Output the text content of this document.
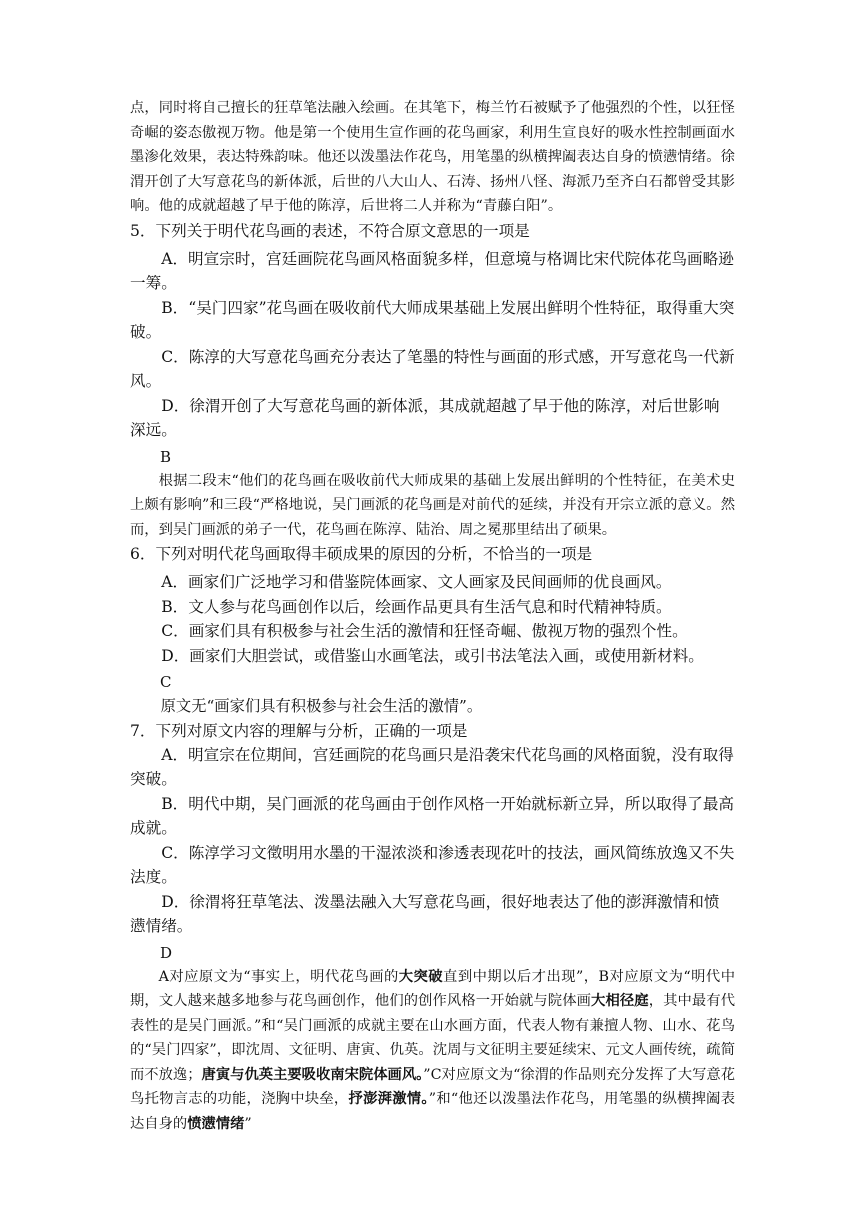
点，同时将自己擅长的狂草笔法融入绘画。在其笔下，梅兰竹石被赋予了他强烈的个性，以狂怪奇崛的姿态傲视万物。他是第一个使用生宣作画的花鸟画家，利用生宣良好的吸水性控制画面水墨渗化效果，表达特殊韵味。他还以泼墨法作花鸟，用笔墨的纵横捭阖表达自身的愤懑情绪。徐渭开创了大写意花鸟的新体派，后世的八大山人、石涛、扬州八怪、海派乃至齐白石都曾受其影响。他的成就超越了早于他的陈淳，后世将二人并称为“青藤白阳”。
5．下列关于明代花鸟画的表述，不符合原文意思的一项是
A．明宣宗时，宫廷画院花鸟画风格面貌多样，但意境与格调比宋代院体花鸟画略逊一筹。
B．“吴门四家”花鸟画在吸收前代大师成果基础上发展出鲜明个性特征，取得重大突破。
C．陈淳的大写意花鸟画充分表达了笔墨的特性与画面的形式感，开写意花鸟一代新风。
D．徐渭开创了大写意花鸟画的新体派，其成就超越了早于他的陈淳，对后世影响深远。
B
根据二段末“他们的花鸟画在吸收前代大师成果的基础上发展出鲜明的个性特征，在美术史上颇有影响”和三段“严格地说，吴门画派的花鸟画是对前代的延续，并没有开宗立派的意义。然而，到吴门画派的弟子一代，花鸟画在陈淳、陆治、周之冕那里结出了硕果。
6．下列对明代花鸟画取得丰硕成果的原因的分析，不恰当的一项是
A．画家们广泛地学习和借鉴院体画家、文人画家及民间画师的优良画风。
B．文人参与花鸟画创作以后，绘画作品更具有生活气息和时代精神特质。
C．画家们具有积极参与社会生活的激情和狂怪奇崛、傲视万物的强烈个性。
D．画家们大胆尝试，或借鉴山水画笔法，或引书法笔法入画，或使用新材料。
C
原文无“画家们具有积极参与社会生活的激情”。
7．下列对原文内容的理解与分析，正确的一项是
A．明宣宗在位期间，宫廷画院的花鸟画只是沿袭宋代花鸟画的风格面貌，没有取得突破。
B．明代中期，吴门画派的花鸟画由于创作风格一开始就标新立异，所以取得了最高成就。
C．陈淳学习文徵明用水墨的干湿浓淡和渗透表现花叶的技法，画风简练放逸又不失法度。
D．徐渭将狂草笔法、泼墨法融入大写意花鸟画，很好地表达了他的澎湃激情和愤懑情绪。
D
A对应原文为“事实上，明代花鸟画的大突破直到中期以后才出现”，B对应原文为“明代中期，文人越来越多地参与花鸟画创作，他们的创作风格一开始就与院体画大相径庭，其中最有代表性的是吴门画派。”和“吴门画派的成就主要在山水画方面，代表人物有兼擅人物、山水、花鸟的“吴门四家”，即沈周、文征明、唐寅、仇英。沈周与文征明主要延续宋、元文人画传统，疏简而不放逸；唐寅与仇英主要吸收南宋院体画风。”C对应原文为“徐渭的作品则充分发挥了大写意花鸟托物言志的功能，浇胸中块垒，抒澎湃激情。”和“他还以泼墨法作花鸟，用笔墨的纵横捭阖表达自身的愤懑情绪”
